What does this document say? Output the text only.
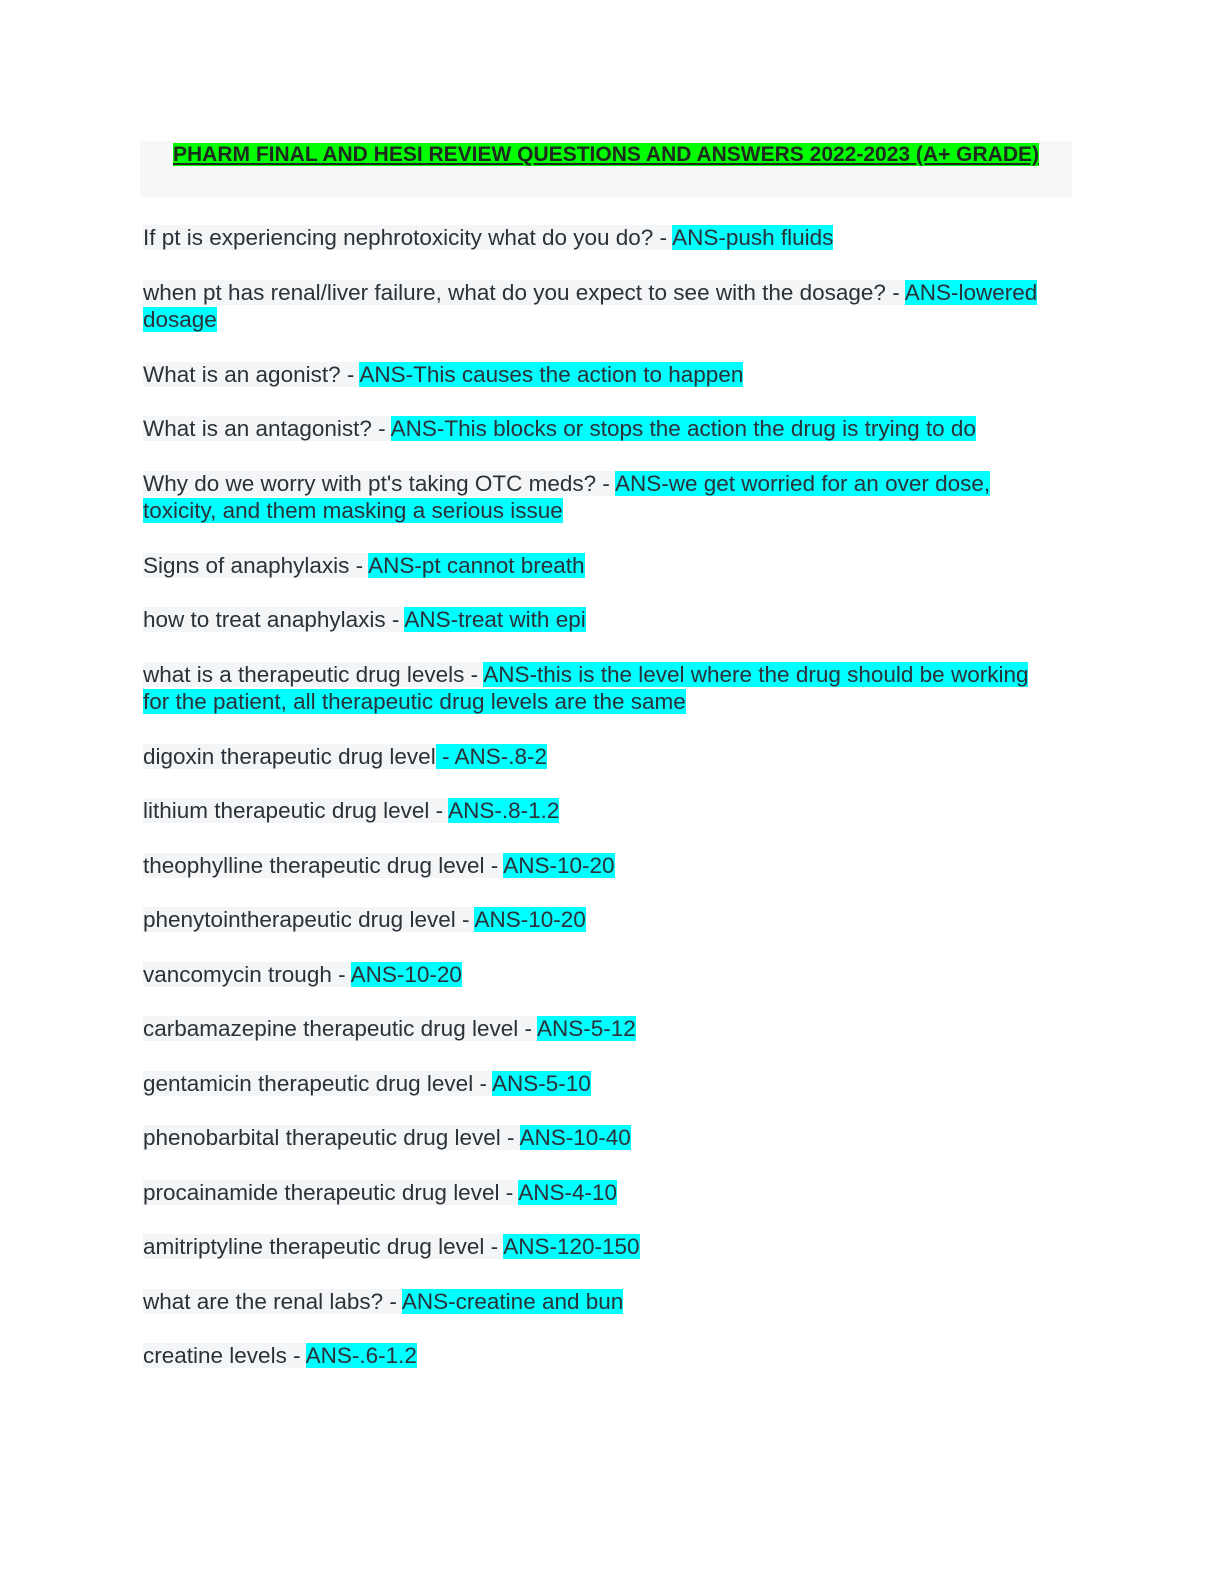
PHARM FINAL AND HESI REVIEW QUESTIONS AND ANSWERS 2022-2023 (A+ GRADE)

If pt is experiencing nephrotoxicity what do you do? - ANS-push fluids

when pt has renal/liver failure, what do you expect to see with the dosage? - ANS-lowered dosage

What is an agonist? - ANS-This causes the action to happen

What is an antagonist? - ANS-This blocks or stops the action the drug is trying to do

Why do we worry with pt's taking OTC meds? - ANS-we get worried for an over dose, toxicity, and them masking a serious issue

Signs of anaphylaxis - ANS-pt cannot breath

how to treat anaphylaxis - ANS-treat with epi

what is a therapeutic drug levels - ANS-this is the level where the drug should be working for the patient, all therapeutic drug levels are the same

digoxin therapeutic drug level - ANS-.8-2

lithium therapeutic drug level - ANS-.8-1.2

theophylline therapeutic drug level - ANS-10-20

phenytointherapeutic drug level - ANS-10-20

vancomycin trough - ANS-10-20

carbamazepine therapeutic drug level - ANS-5-12

gentamicin therapeutic drug level - ANS-5-10

phenobarbital therapeutic drug level - ANS-10-40

procainamide therapeutic drug level - ANS-4-10

amitriptyline therapeutic drug level - ANS-120-150

what are the renal labs? - ANS-creatine and bun

creatine levels - ANS-.6-1.2
